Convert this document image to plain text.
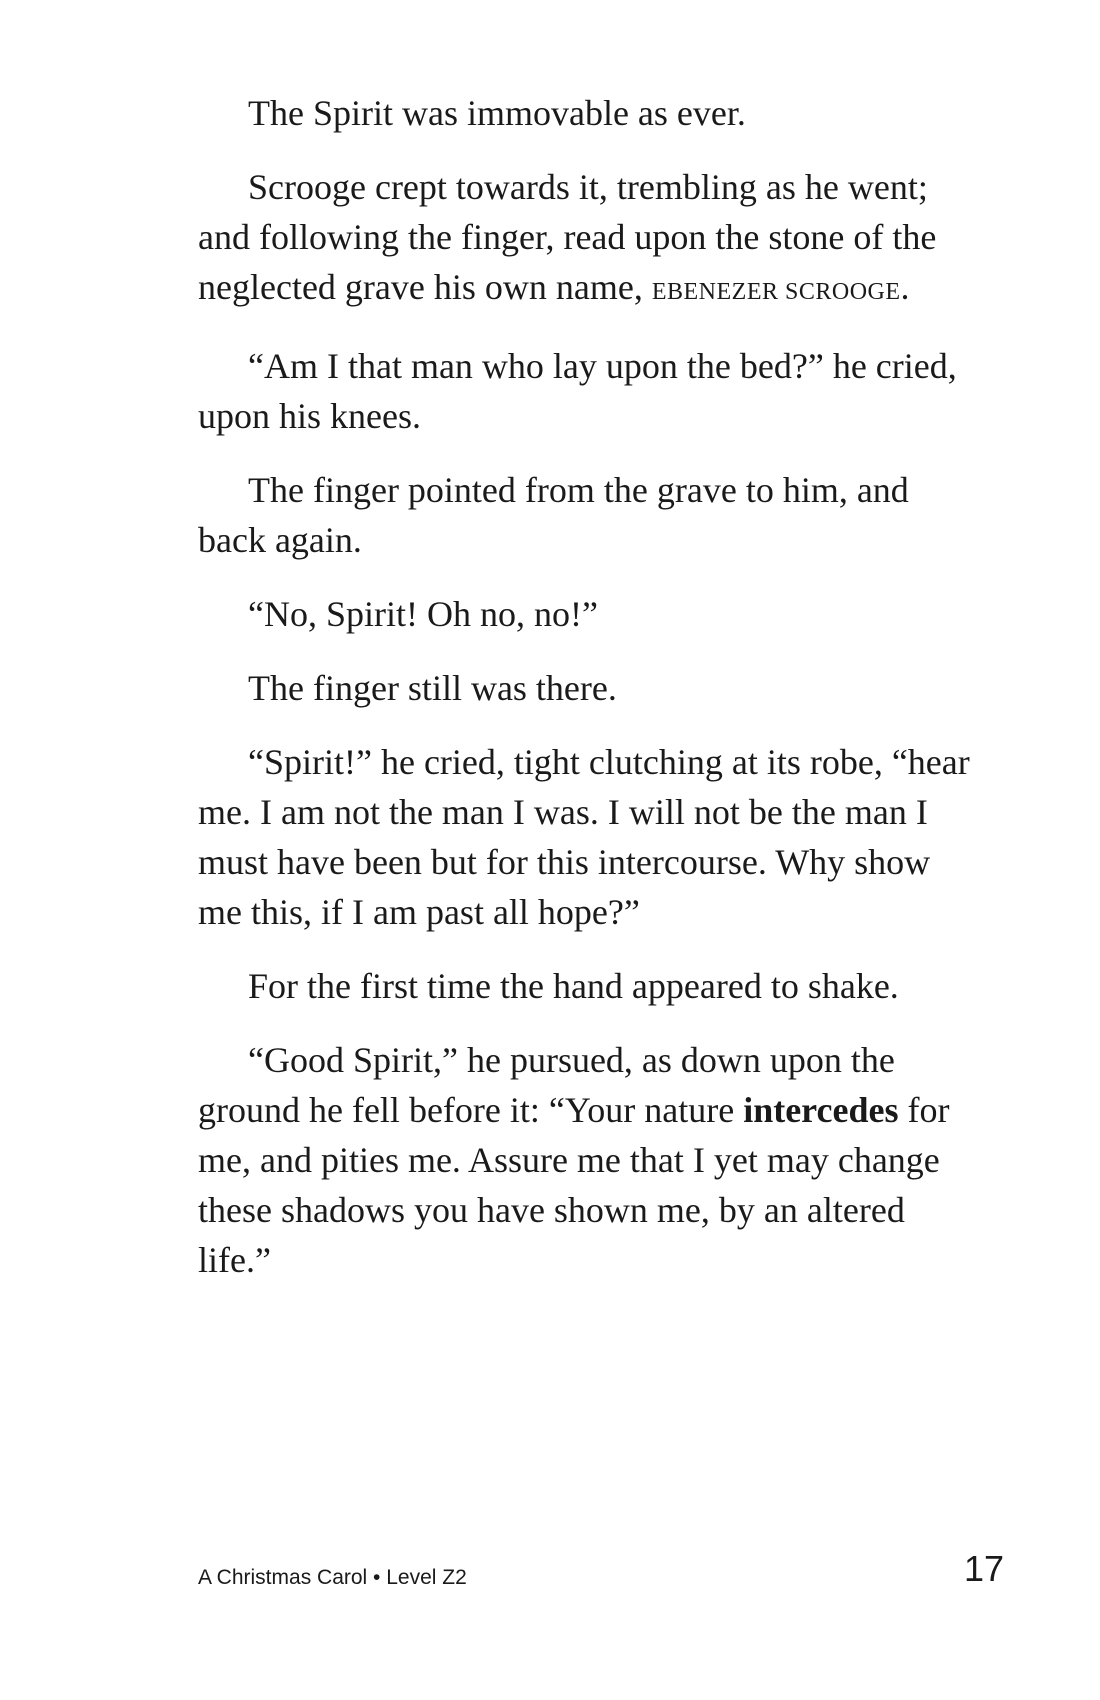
The Spirit was immovable as ever.

Scrooge crept towards it, trembling as he went; and following the finger, read upon the stone of the neglected grave his own name, EBENEZER SCROOGE.

“Am I that man who lay upon the bed?” he cried, upon his knees.

The finger pointed from the grave to him, and back again.

“No, Spirit! Oh no, no!”

The finger still was there.

“Spirit!” he cried, tight clutching at its robe, “hear me. I am not the man I was. I will not be the man I must have been but for this intercourse. Why show me this, if I am past all hope?”

For the first time the hand appeared to shake.

“Good Spirit,” he pursued, as down upon the ground he fell before it: “Your nature intercedes for me, and pities me. Assure me that I yet may change these shadows you have shown me, by an altered life.”

A Christmas Carol • Level Z2	17
